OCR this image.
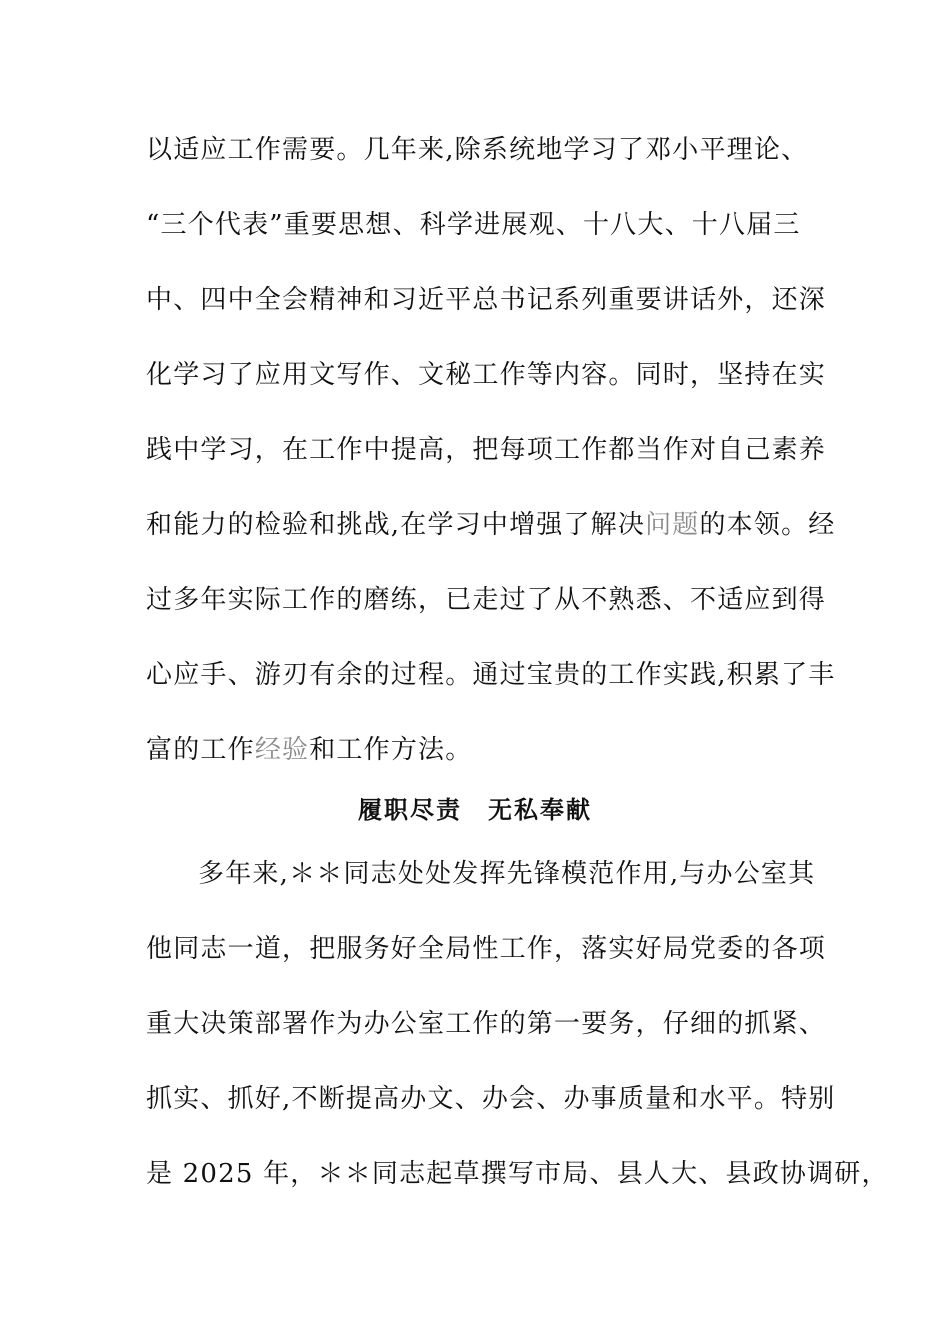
以适应工作需要。几年来,除系统地学习了邓小平理论、
“三个代表”重要思想、科学进展观、十八大、十八届三
中、四中全会精神和习近平总书记系列重要讲话外，还深
化学习了应用文写作、文秘工作等内容。同时，坚持在实
践中学习，在工作中提高，把每项工作都当作对自己素养
和能力的检验和挑战,在学习中增强了解决问题的本领。经
过多年实际工作的磨练，已走过了从不熟悉、不适应到得
心应手、游刃有余的过程。通过宝贵的工作实践,积累了丰
富的工作经验和工作方法。
履职尽责　无私奉献
多年来,＊＊同志处处发挥先锋模范作用,与办公室其
他同志一道，把服务好全局性工作，落实好局党委的各项
重大决策部署作为办公室工作的第一要务，仔细的抓紧、
抓实、抓好,不断提高办文、办会、办事质量和水平。特别
是 2025 年，＊＊同志起草撰写市局、县人大、县政协调研，
